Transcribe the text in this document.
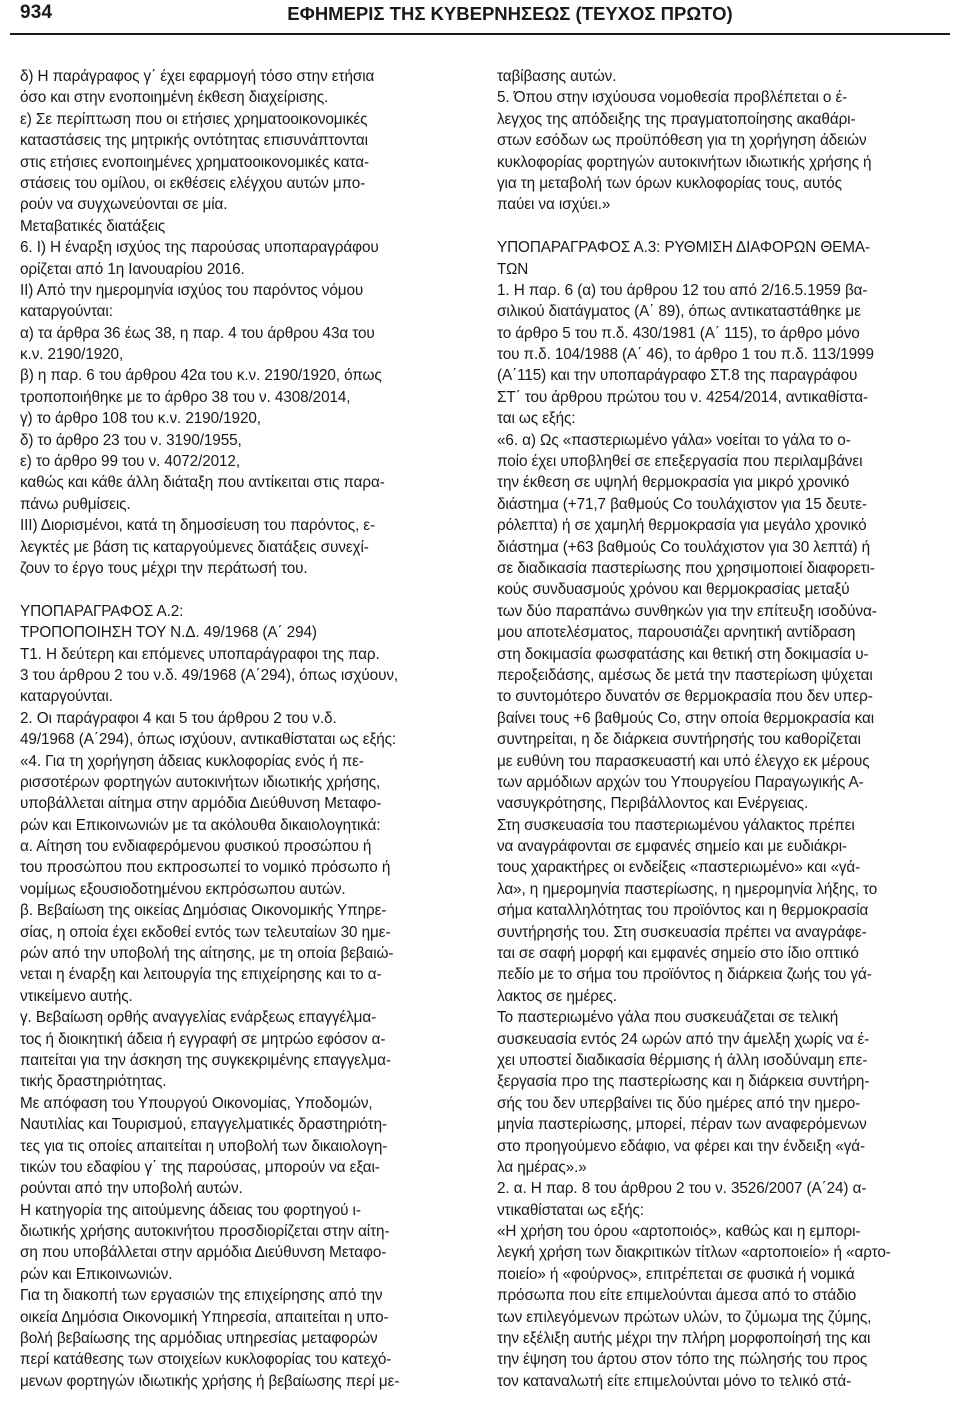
934	ΕΦΗΜΕΡΙΣ ΤΗΣ ΚΥΒΕΡΝΗΣΕΩΣ (ΤΕΥΧΟΣ ΠΡΩΤΟ)
δ) Η παράγραφος γ΄ έχει εφαρμογή τόσο στην ετήσια
όσο και στην ενοποιημένη έκθεση διαχείρισης.
ε) Σε περίπτωση που οι ετήσιες χρηματοοικονομικές
καταστάσεις της μητρικής οντότητας επισυνάπτονται
στις ετήσιες ενοποιημένες χρηματοοικονομικές κατα-
στάσεις του ομίλου, οι εκθέσεις ελέγχου αυτών μπο-
ρούν να συγχωνεύονται σε μία.
Μεταβατικές διατάξεις
6. Ι) Η έναρξη ισχύος της παρούσας υποπαραγράφου
ορίζεται από 1η Ιανουαρίου 2016.
ΙΙ) Από την ημερομηνία ισχύος του παρόντος νόμου
καταργούνται:
α) τα άρθρα 36 έως 38, η παρ. 4 του άρθρου 43α του
κ.ν. 2190/1920,
β) η παρ. 6 του άρθρου 42α του κ.ν. 2190/1920, όπως
τροποποιήθηκε με το άρθρο 38 του ν. 4308/2014,
γ) το άρθρο 108 του κ.ν. 2190/1920,
δ) το άρθρο 23 του ν. 3190/1955,
ε) το άρθρο 99 του ν. 4072/2012,
καθώς και κάθε άλλη διάταξη που αντίκειται στις παρα-
πάνω ρυθμίσεις.
ΙΙΙ) Διορισμένοι, κατά τη δημοσίευση του παρόντος, ε-
λεγκτές με βάση τις καταργούμενες διατάξεις συνεχί-
ζουν το έργο τους μέχρι την περάτωσή του.
ΥΠΟΠΑΡΑΓΡΑΦΟΣ Α.2:
ΤΡΟΠΟΠΟΙΗΣΗ ΤΟΥ Ν.Δ. 49/1968 (Α΄ 294)
Τ1. Η δεύτερη και επόμενες υποπαράγραφοι της παρ.
3 του άρθρου 2 του ν.δ. 49/1968 (Α΄294), όπως ισχύουν,
καταργούνται.
2. Οι παράγραφοι 4 και 5 του άρθρου 2 του ν.δ.
49/1968 (Α΄294), όπως ισχύουν, αντικαθίσταται ως εξής:
«4. Για τη χορήγηση άδειας κυκλοφορίας ενός ή πε-
ρισσοτέρων φορτηγών αυτοκινήτων ιδιωτικής χρήσης,
υποβάλλεται αίτημα στην αρμόδια Διεύθυνση Μεταφο-
ρών και Επικοινωνιών με τα ακόλουθα δικαιολογητικά:
α. Αίτηση του ενδιαφερόμενου φυσικού προσώπου ή
του προσώπου που εκπροσωπεί το νομικό πρόσωπο ή
νομίμως εξουσιοδοτημένου εκπρόσωπου αυτών.
β. Βεβαίωση της οικείας Δημόσιας Οικονομικής Υπηρε-
σίας, η οποία έχει εκδοθεί εντός των τελευταίων 30 ημε-
ρών από την υποβολή της αίτησης, με τη οποία βεβαιώ-
νεται η έναρξη και λειτουργία της επιχείρησης και το α-
ντικείμενο αυτής.
γ. Βεβαίωση ορθής αναγγελίας ενάρξεως επαγγέλμα-
τος ή διοικητική άδεια ή εγγραφή σε μητρώο εφόσον α-
παιτείται για την άσκηση της συγκεκριμένης επαγγελμα-
τικής δραστηριότητας.
Με απόφαση του Υπουργού Οικονομίας, Υποδομών,
Ναυτιλίας και Τουρισμού, επαγγελματικές δραστηριότη-
τες για τις οποίες απαιτείται η υποβολή των δικαιολογη-
τικών του εδαφίου γ΄ της παρούσας, μπορούν να εξαι-
ρούνται από την υποβολή αυτών.
Η κατηγορία της αιτούμενης άδειας του φορτηγού ι-
διωτικής χρήσης αυτοκινήτου προσδιορίζεται στην αίτη-
ση που υποβάλλεται στην αρμόδια Διεύθυνση Μεταφο-
ρών και Επικοινωνιών.
Για τη διακοπή των εργασιών της επιχείρησης από την
οικεία Δημόσια Οικονομική Υπηρεσία, απαιτείται η υπο-
βολή βεβαίωσης της αρμόδιας υπηρεσίας μεταφορών
περί κατάθεσης των στοιχείων κυκλοφορίας του κατεχό-
μενων φορτηγών ιδιωτικής χρήσης ή βεβαίωσης περί με-
ταβίβασης αυτών.
5. Όπου στην ισχύουσα νομοθεσία προβλέπεται ο έ-
λεγχος της απόδειξης της πραγματοποίησης ακαθάρι-
στων εσόδων ως προϋπόθεση για τη χορήγηση άδειών
κυκλοφορίας φορτηγών αυτοκινήτων ιδιωτικής χρήσης ή
για τη μεταβολή των όρων κυκλοφορίας τους, αυτός
παύει να ισχύει.»
ΥΠΟΠΑΡΑΓΡΑΦΟΣ Α.3: ΡΥΘΜΙΣΗ ΔΙΑΦΟΡΩΝ ΘΕΜΑ-
ΤΩΝ
1. Η παρ. 6 (α) του άρθρου 12 του από 2/16.5.1959 βα-
σιλικού διατάγματος (Α΄ 89), όπως αντικαταστάθηκε με
το άρθρο 5 του π.δ. 430/1981 (Α΄ 115), το άρθρο μόνο
του π.δ. 104/1988 (Α΄ 46), το άρθρο 1 του π.δ. 113/1999
(Α΄115) και την υποπαράγραφο ΣΤ.8 της παραγράφου
ΣΤ΄ του άρθρου πρώτου του ν. 4254/2014, αντικαθίστα-
ται ως εξής:
«6. α) Ως «παστεριωμένο γάλα» νοείται το γάλα το ο-
ποίο έχει υποβληθεί σε επεξεργασία που περιλαμβάνει
την έκθεση σε υψηλή θερμοκρασία για μικρό χρονικό
διάστημα (+71,7 βαθμούς Co τουλάχιστον για 15 δευτε-
ρόλεπτα) ή σε χαμηλή θερμοκρασία για μεγάλο χρονικό
διάστημα (+63 βαθμούς Co τουλάχιστον για 30 λεπτά) ή
σε διαδικασία παστερίωσης που χρησιμοποιεί διαφορετι-
κούς συνδυασμούς χρόνου και θερμοκρασίας μεταξύ
των δύο παραπάνω συνθηκών για την επίτευξη ισοδύνα-
μου αποτελέσματος, παρουσιάζει αρνητική αντίδραση
στη δοκιμασία φωσφατάσης και θετική στη δοκιμασία υ-
περοξειδάσης, αμέσως δε μετά την παστερίωση ψύχεται
το συντομότερο δυνατόν σε θερμοκρασία που δεν υπερ-
βαίνει τους +6 βαθμούς Co, στην οποία θερμοκρασία και
συντηρείται, η δε διάρκεια συντήρησής του καθορίζεται
με ευθύνη του παρασκευαστή και υπό έλεγχο εκ μέρους
των αρμόδιων αρχών του Υπουργείου Παραγωγικής Α-
νασυγκρότησης, Περιβάλλοντος και Ενέργειας.
Στη συσκευασία του παστεριωμένου γάλακτος πρέπει
να αναγράφονται σε εμφανές σημείο και με ευδιάκρι-
τους χαρακτήρες οι ενδείξεις «παστεριωμένο» και «γά-
λα», η ημερομηνία παστερίωσης, η ημερομηνία λήξης, το
σήμα καταλληλότητας του προϊόντος και η θερμοκρασία
συντήρησής του. Στη συσκευασία πρέπει να αναγράφε-
ται σε σαφή μορφή και εμφανές σημείο στο ίδιο οπτικό
πεδίο με το σήμα του προϊόντος η διάρκεια ζωής του γά-
λακτος σε ημέρες.
Το παστεριωμένο γάλα που συσκευάζεται σε τελική
συσκευασία εντός 24 ωρών από την άμελξη χωρίς να έ-
χει υποστεί διαδικασία θέρμισης ή άλλη ισοδύναμη επε-
ξεργασία προ της παστερίωσης και η διάρκεια συντήρη-
σής του δεν υπερβαίνει τις δύο ημέρες από την ημερο-
μηνία παστερίωσης, μπορεί, πέραν των αναφερόμενων
στο προηγούμενο εδάφιο, να φέρει και την ένδειξη «γά-
λα ημέρας».»
2. α. Η παρ. 8 του άρθρου 2 του ν. 3526/2007 (Α΄24) α-
ντικαθίσταται ως εξής:
«Η χρήση του όρου «αρτοποιός», καθώς και η εμπορι-
λεγκή χρήση των διακριτικών τίτλων «αρτοποιείο» ή «αρτο-
ποιείο» ή «φούρνος», επιτρέπεται σε φυσικά ή νομικά
πρόσωπα που είτε επιμελούνται άμεσα από το στάδιο
των επιλεγόμενων πρώτων υλών, το ζύμωμα της ζύμης,
την εξέλιξη αυτής μέχρι την πλήρη μορφοποίησή της και
την έψηση του άρτου στον τόπο της πώλησής του προς
τον καταναλωτή είτε επιμελούνται μόνο το τελικό στά-
